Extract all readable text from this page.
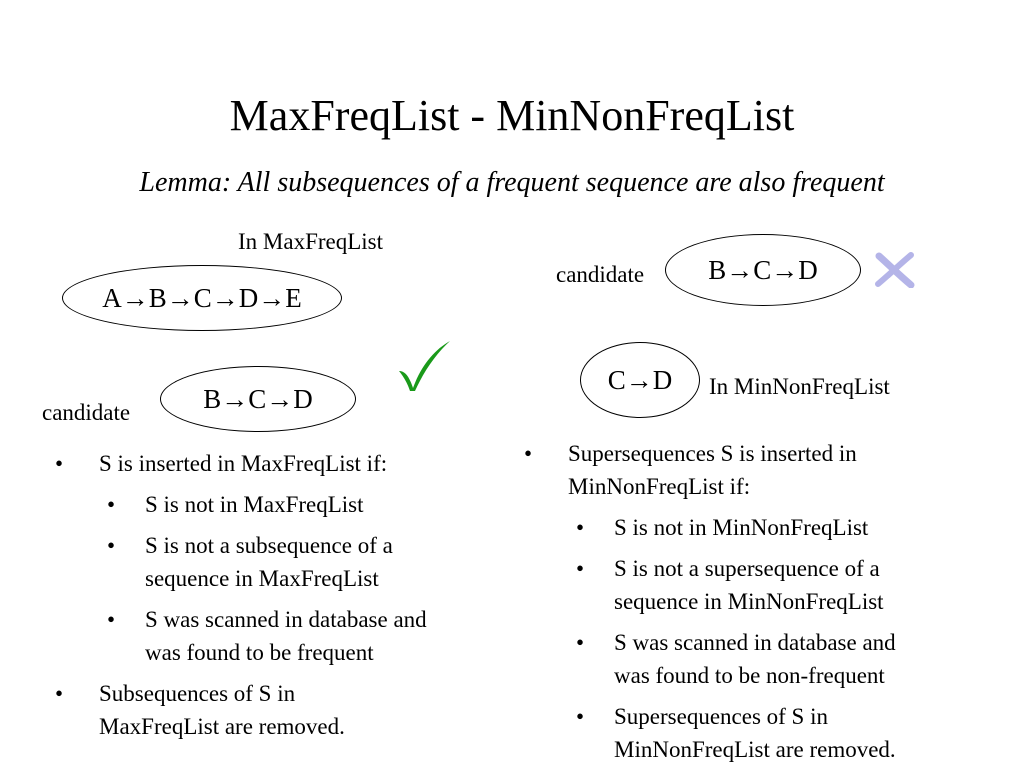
MaxFreqList - MinNonFreqList
Lemma: All subsequences of a frequent sequence are also frequent
In MaxFreqList
A→B→C→D→E
B→C→D
candidate
candidate B→C→D
C→D In MinNonFreqList
• S is inserted in MaxFreqList if:
• S is not in MaxFreqList
• S is not a subsequence of a
sequence in MaxFreqList
• S was scanned in database and
was found to be frequent
• Subsequences of S in
MaxFreqList are removed.
• Supersequences S is inserted in
MinNonFreqList if:
• S is not in MinNonFreqList
• S is not a supersequence of a
sequence in MinNonFreqList
• S was scanned in database and
was found to be non-frequent
• Supersequences of S in
MinNonFreqList are removed.
